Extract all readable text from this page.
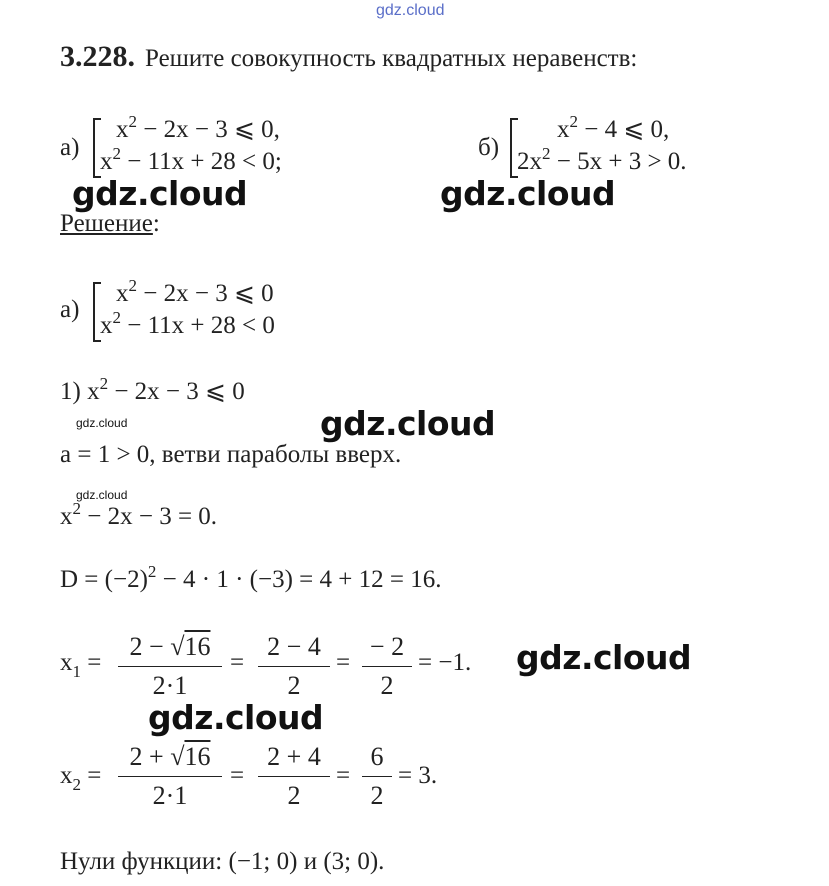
gdz.cloud
3.228. Решите совокупность квадратных неравенств:
а)
$x^2 - 2x - 3$ ⩽ 0,
$x^2 - 11x + 28 < 0$;
б)
$x^2 - 4$ ⩽ 0,
$2x^2 - 5x + 3 > 0$.
gdz.cloud	gdz.cloud
Решение:
а)
$x^2 - 2x - 3$ ⩽ 0
$x^2 - 11x + 28 < 0$
1) $x^2 - 2x - 3$ ⩽ 0
gdz.cloud	gdz.cloud
a = 1 > 0, ветви параболы вверх.
gdz.cloud
$x^2 - 2x - 3 = 0$.
$D = (-2)^2 - 4 \cdot 1 \cdot (-3) = 4 + 12 = 16$.
$x_1$ =
2 − √16
2·1
=
2 − 4
2
=
− 2
2
= −1. gdz.cloud
gdz.cloud
$x_2$ =
2 + √16
2·1
=
2 + 4
2
=
6
2
= 3.
Нули функции: (−1; 0) и (3; 0).
